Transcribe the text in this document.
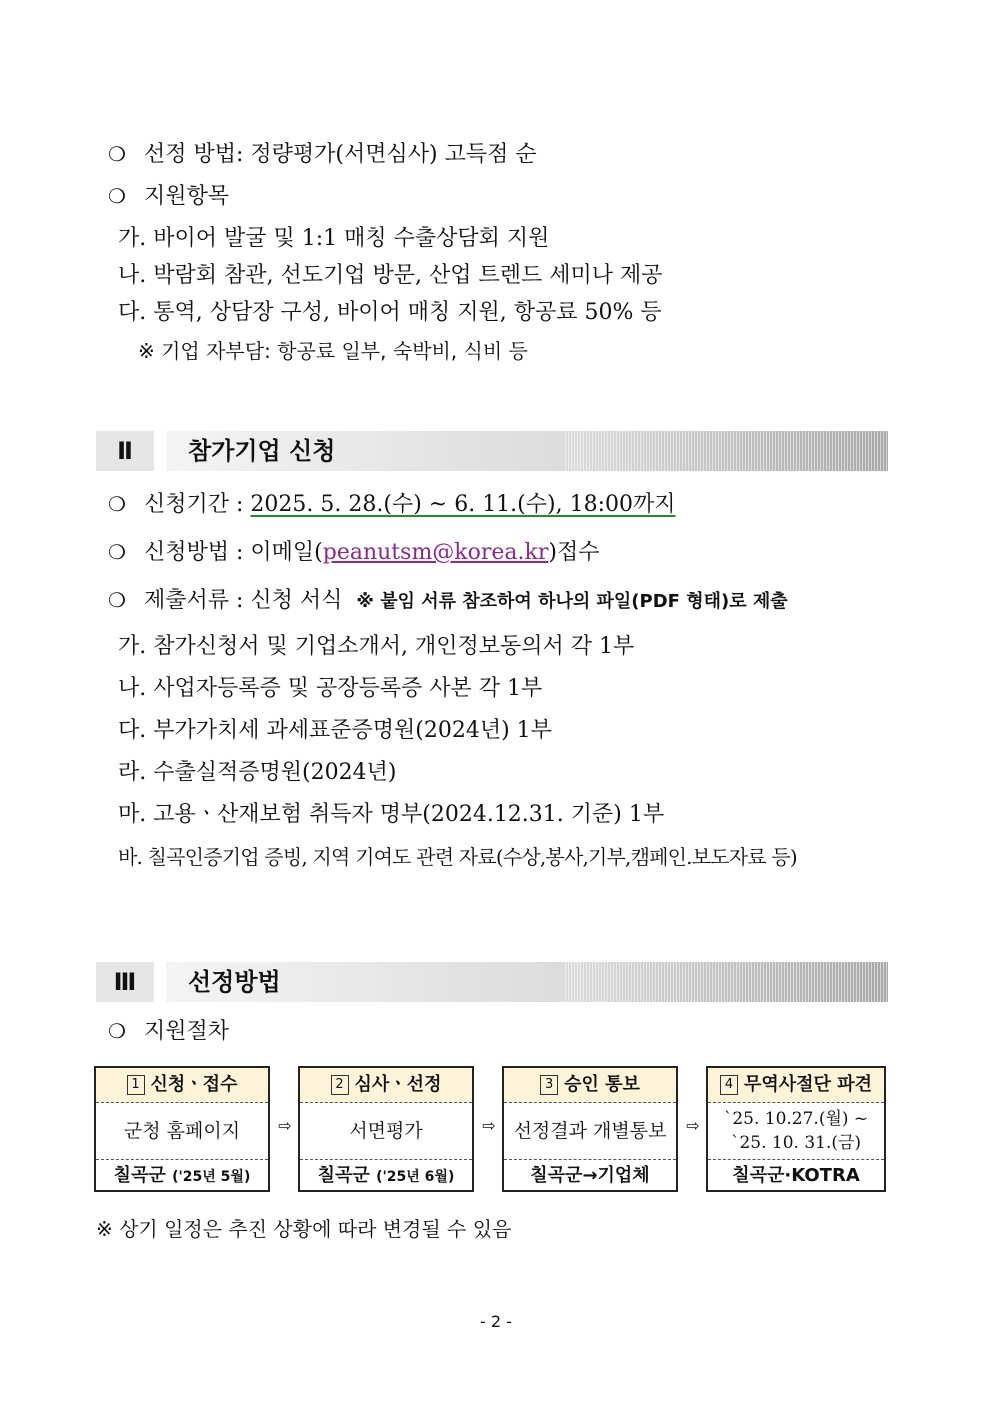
❍ 선정 방법: 정량평가(서면심사) 고득점 순
❍ 지원항목
가. 바이어 발굴 및 1:1 매칭 수출상담회 지원
나. 박람회 참관, 선도기업 방문, 산업 트렌드 세미나 제공
다. 통역, 상담장 구성, 바이어 매칭 지원, 항공료 50% 등
※ 기업 자부담: 항공료 일부, 숙박비, 식비 등
Ⅱ	참가기업 신청
❍ 신청기간 : 2025. 5. 28.(수) ~ 6. 11.(수), 18:00까지
❍ 신청방법 : 이메일(peanutsm@korea.kr)접수
❍ 제출서류 : 신청 서식 ※ 붙임 서류 참조하여 하나의 파일(PDF 형태)로 제출
가. 참가신청서 및 기업소개서, 개인정보동의서 각 1부
나. 사업자등록증 및 공장등록증 사본 각 1부
다. 부가가치세 과세표준증명원(2024년) 1부
라. 수출실적증명원(2024년)
마. 고용ㆍ산재보험 취득자 명부(2024.12.31. 기준) 1부
바. 칠곡인증기업 증빙, 지역 기여도 관련 자료(수상,봉사,기부,캠페인.보도자료 등)
Ⅲ	선정방법
❍ 지원절차
1 신청ㆍ접수
군청 홈페이지
칠곡군 ('25년 5월)
⇨
2 심사ㆍ선정
서면평가
칠곡군 ('25년 6월)
⇨
3 승인 통보
선정결과 개별통보
칠곡군→기업체
⇨
4 무역사절단 파견
`25. 10.27.(월) ~
`25. 10. 31.(금)
칠곡군·KOTRA
※ 상기 일정은 추진 상황에 따라 변경될 수 있음
- 2 -
